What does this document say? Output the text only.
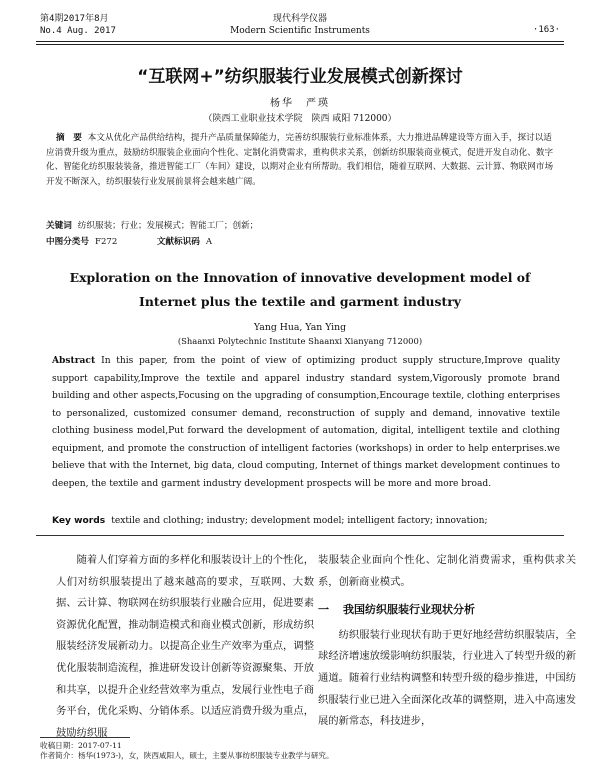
第4期2017年8月
No.4 Aug. 2017
现代科学仪器
Modern Scientific Instruments	·163·
“互联网+”纺织服装行业发展模式创新探讨
杨华　严瑛
（陕西工业职业技术学院　陕西 咸阳 712000）
摘　要 本文从优化产品供给结构，提升产品质量保障能力，完善纺织服装行业标准体系，大力推进品牌建设等方面入手，探讨以适应消费升级为重点，鼓励纺织服装企业面向个性化、定制化消费需求，重构供求关系，创新纺织服装商业模式，促进开发自动化、数字化、智能化纺织服装装备，推进智能工厂（车间）建设，以期对企业有所帮助。我们相信，随着互联网、大数据、云计算、物联网市场开发不断深入，纺织服装行业发展前景将会越来越广阔。
关键词 纺织服装；行业；发展模式；智能工厂；创新；
中图分类号 F272	文献标识码 A
Exploration on the Innovation of innovative development model of Internet plus the textile and garment industry
Yang Hua, Yan Ying
(Shaanxi Polytechnic Institute Shaanxi Xianyang 712000)
Abstract In this paper, from the point of view of optimizing product supply structure,Improve quality support capability,Improve the textile and apparel industry standard system,Vigorously promote brand building and other aspects,Focusing on the upgrading of consumption,Encourage textile, clothing enterprises to personalized, customized consumer demand, reconstruction of supply and demand, innovative textile clothing business model,Put forward the development of automation, digital, intelligent textile and clothing equipment, and promote the construction of intelligent factories (workshops) in order to help enterprises.we believe that with the Internet, big data, cloud computing, Internet of things market development continues to deepen, the textile and garment industry development prospects will be more and more broad.
Key words textile and clothing; industry; development model; intelligent factory; innovation;
随着人们穿着方面的多样化和服装设计上的个性化，人们对纺织服装提出了越来越高的要求，互联网、大数据、云计算、物联网在纺织服装行业融合应用，促进要素资源优化配置，推动制造模式和商业模式创新，形成纺织服装经济发展新动力。以提高企业生产效率为重点，调整优化服装制造流程，推进研发设计创新等资源聚集、开放和共享，以提升企业经营效率为重点，发展行业性电子商务平台，优化采购、分销体系。以适应消费升级为重点，鼓励纺织服
装服装企业面向个性化、定制化消费需求，重构供求关系，创新商业模式。
一 我国纺织服装行业现状分析
纺织服装行业现状有助于更好地经营纺织服装店，全球经济增速放缓影响纺织服装，行业进入了转型升级的新通道。随着行业结构调整和转型升级的稳步推进，中国纺织服装行业已进入全面深化改革的调整期，进入中高速发展的新常态，科技进步，
收稿日期：2017-07-11
作者简介：杨华(1973-)，女，陕西咸阳人，硕士，主要从事纺织服装专业教学与研究。
